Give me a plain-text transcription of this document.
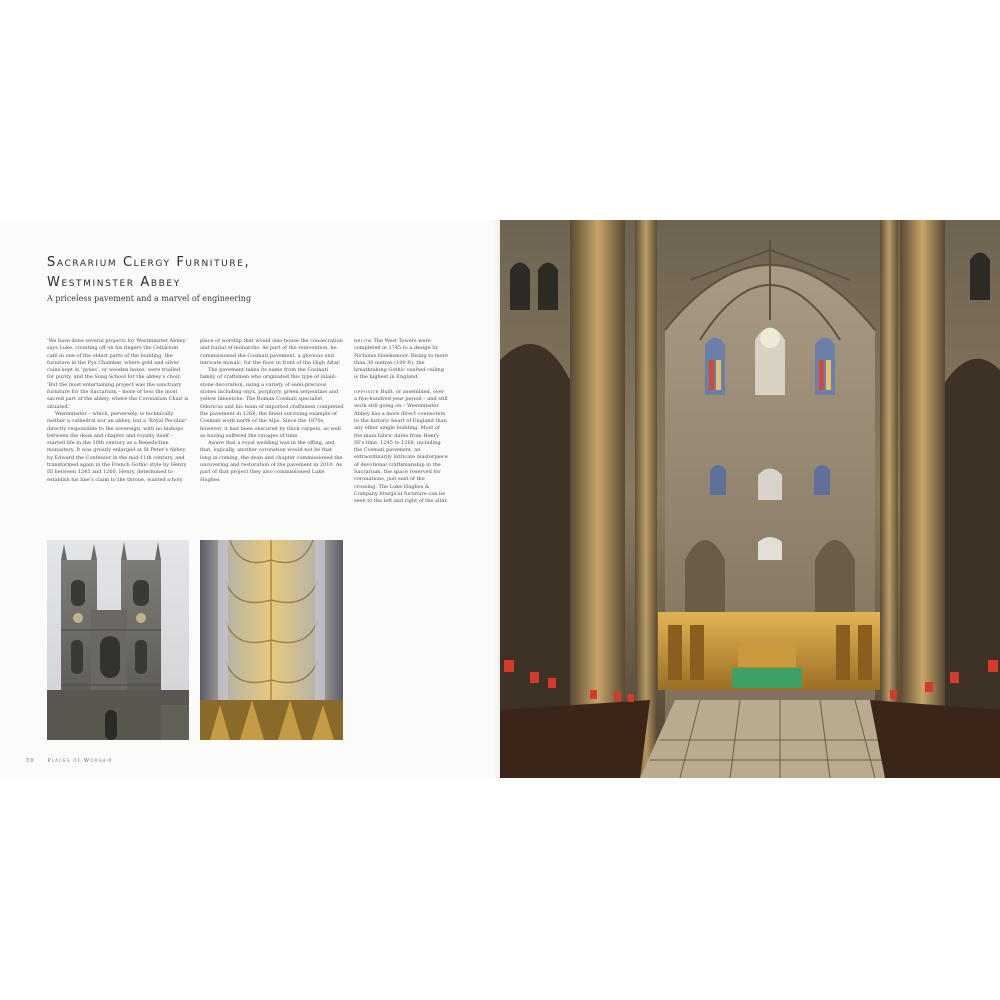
Sacrarium Clergy Furniture,
Westminster Abbey
A priceless pavement and a marvel of engineering

‘We have done several projects for Westminster Abbey,’ says Luke, counting off on his fingers the Cellarium café in one of the oldest parts of the building, the furniture in the Pyx Chamber, where gold and silver coins kept in ‘pyxes’, or wooden boxes, were trialled for purity, and the Song School for the abbey’s choir. ‘But the most entertaining project was the sanctuary furniture for the Sacrarium – more or less the most sacred part of the abbey, where the Coronation Chair is situated.’

Westminster – which, perversely, is technically neither a cathedral nor an abbey, but a ‘Royal Peculiar’ directly responsible to the sovereign, with no bishops between the dean and chapter and royalty itself – started life in the 10th century as a Benedictine monastery. It was greatly enlarged at St Peter’s Abbey by Edward the Confessor in the mid-11th century, and transformed again in the French Gothic style by Henry III between 1245 and 1260. Henry, determined to establish his line’s claim to the throne, wanted a holy

place of worship that would also house the consecration and burial of monarchs. As part of the reinvention, he commissioned the Cosmati pavement, a glorious and intricate mosaic, for the floor in front of the High Altar.

The pavement takes its name from the Cosmati family of craftsmen who originated this type of inlaid-stone decoration, using a variety of semi-precious stones including onyx, porphyry, green serpentine and yellow limestone. The Roman Cosmati specialist Odoricus and his team of imported craftsmen completed the pavement in 1268; the finest surviving example of Cosmati work north of the Alps. Since the 1870s, however, it had been obscured by thick carpets, as well as having suffered the ravages of time.

Aware that a royal wedding was in the offing, and that, logically, another coronation would not be that long in coming, the dean and chapter commissioned the uncovering and restoration of the pavement in 2010. As part of that project they also commissioned Luke Hughes

below The West Towers were completed in 1745 to a design by Nicholas Hawksmoor. Rising to more than 30 metres (100 ft), the breathtaking Gothic vaulted ceiling is the highest in England.

opposite Built, or assembled, over a five-hundred-year period – and still work still going on – Westminster Abbey has a more direct connection to the historic heart of England than any other single building. Most of the main fabric dates from Henry III’s time, 1245 to 1268, including the Cosmati pavement, an extraordinarily intricate masterpiece of devotional craftsmanship in the Sacrarium, the space reserved for coronations, just east of the crossing. The Luke Hughes & Company liturgical furniture can be seen to the left and right of the altar.

30	Places of Worship
